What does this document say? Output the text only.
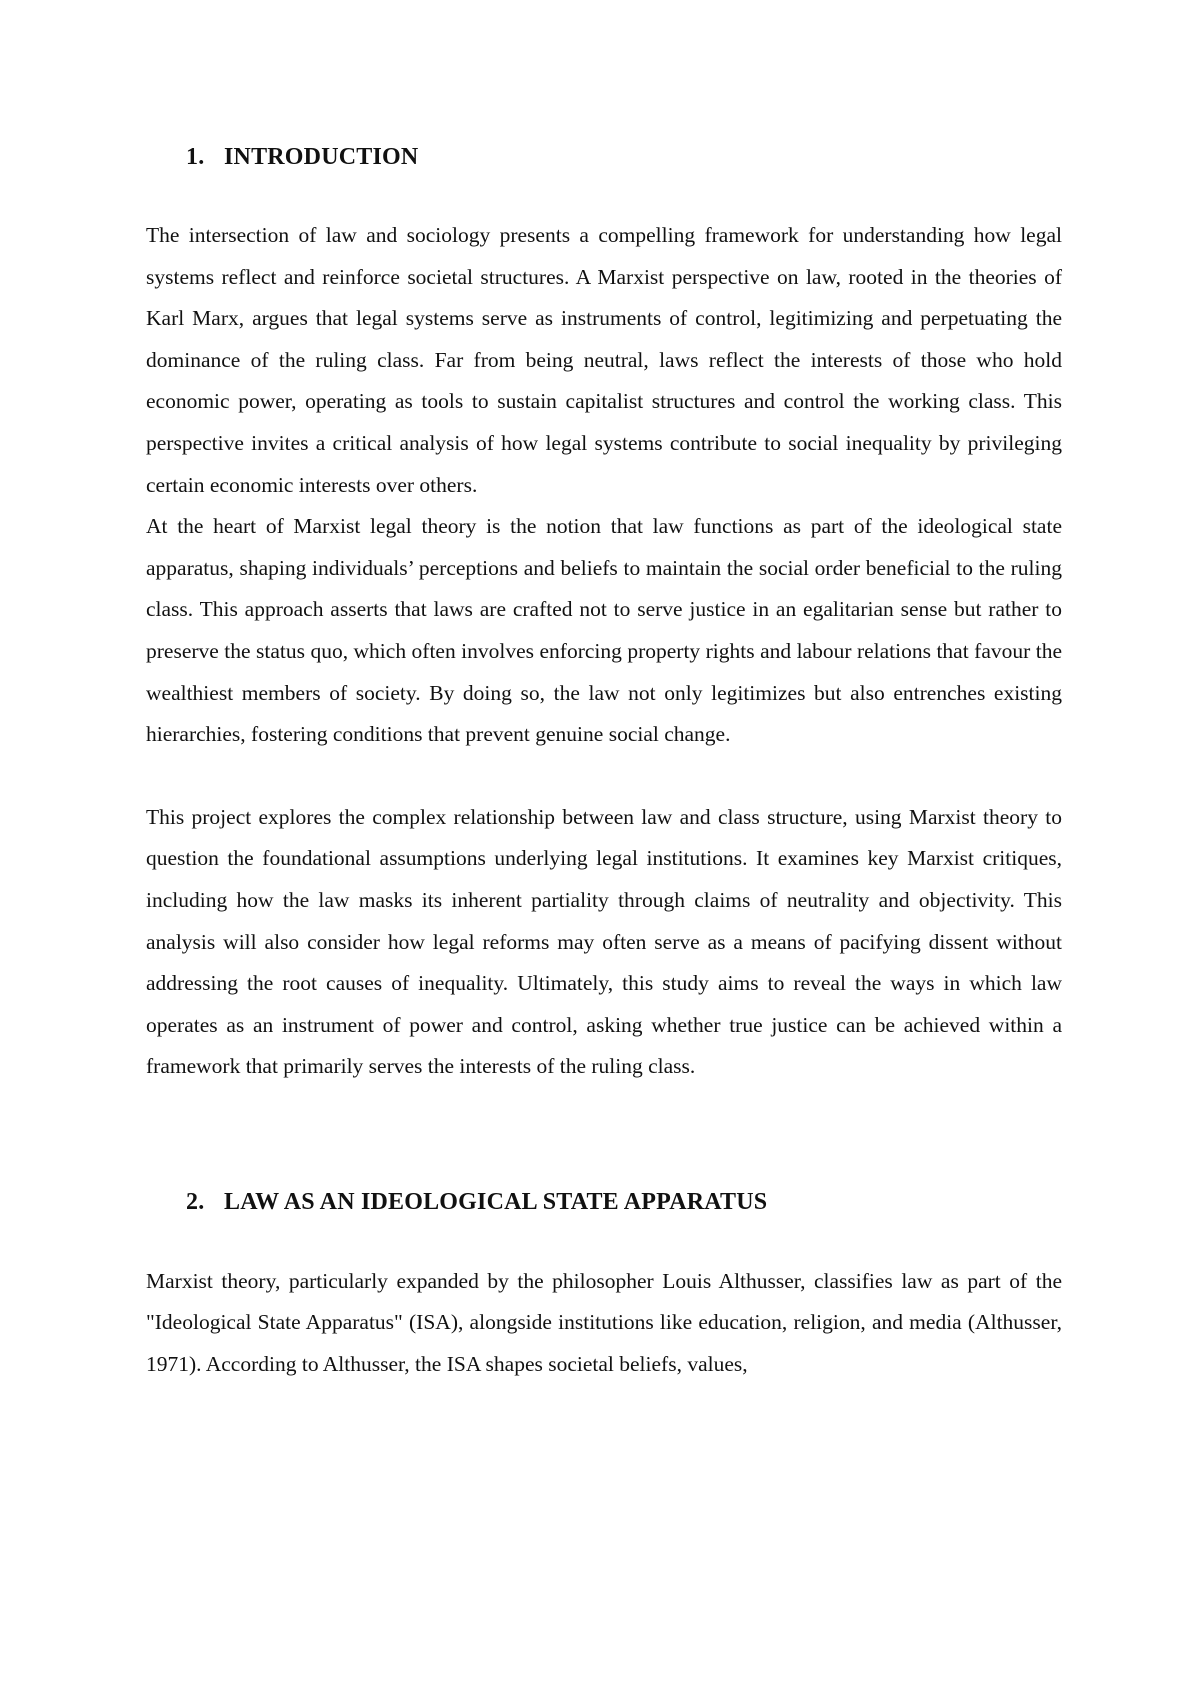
1. INTRODUCTION

The intersection of law and sociology presents a compelling framework for understanding how legal systems reflect and reinforce societal structures. A Marxist perspective on law, rooted in the theories of Karl Marx, argues that legal systems serve as instruments of control, legitimizing and perpetuating the dominance of the ruling class. Far from being neutral, laws reflect the interests of those who hold economic power, operating as tools to sustain capitalist structures and control the working class. This perspective invites a critical analysis of how legal systems contribute to social inequality by privileging certain economic interests over others.

At the heart of Marxist legal theory is the notion that law functions as part of the ideological state apparatus, shaping individuals’ perceptions and beliefs to maintain the social order beneficial to the ruling class. This approach asserts that laws are crafted not to serve justice in an egalitarian sense but rather to preserve the status quo, which often involves enforcing property rights and labour relations that favour the wealthiest members of society. By doing so, the law not only legitimizes but also entrenches existing hierarchies, fostering conditions that prevent genuine social change.

This project explores the complex relationship between law and class structure, using Marxist theory to question the foundational assumptions underlying legal institutions. It examines key Marxist critiques, including how the law masks its inherent partiality through claims of neutrality and objectivity. This analysis will also consider how legal reforms may often serve as a means of pacifying dissent without addressing the root causes of inequality. Ultimately, this study aims to reveal the ways in which law operates as an instrument of power and control, asking whether true justice can be achieved within a framework that primarily serves the interests of the ruling class.

2. LAW AS AN IDEOLOGICAL STATE APPARATUS

Marxist theory, particularly expanded by the philosopher Louis Althusser, classifies law as part of the "Ideological State Apparatus" (ISA), alongside institutions like education, religion, and media (Althusser, 1971). According to Althusser, the ISA shapes societal beliefs, values,
